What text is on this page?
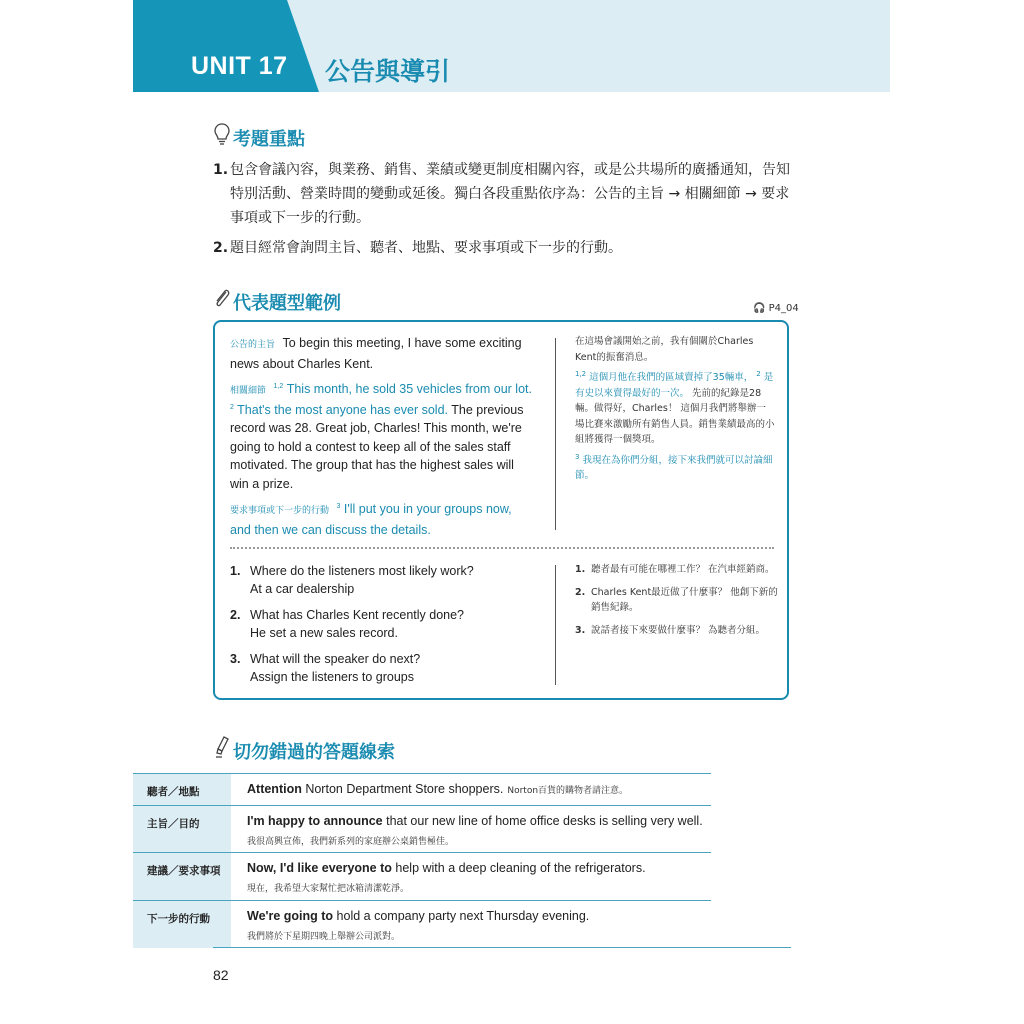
UNIT 17 公告與導引
考題重點
1. 包含會議內容，與業務、銷售、業績或變更制度相關內容，或是公共場所的廣播通知，告知特別活動、營業時間的變動或延後。獨白各段重點依序為：公告的主旨 → 相關細節 → 要求事項或下一步的行動。
2. 題目經常會詢問主旨、聽者、地點、要求事項或下一步的行動。
代表題型範例	🎧 P4_04

公告的主旨 To begin this meeting, I have some exciting news about Charles Kent.

相關細節 $^{1,2}$ This month, he sold 35 vehicles from our lot. $^2$ That's the most anyone has ever sold. The previous record was 28. Great job, Charles! This month, we're going to hold a contest to keep all of the sales staff motivated. The group that has the highest sales will win a prize.

要求事項或下一步的行動 $^3$ I'll put you in your groups now, and then we can discuss the details.

在這場會議開始之前，我有個關於Charles Kent的振奮消息。

$^{1,2}$ 這個月他在我們的區域賣掉了35輛車， $^2$ 是有史以來賣得最好的一次。 先前的紀錄是28輛。做得好，Charles！ 這個月我們將舉辦一場比賽來激勵所有銷售人員。銷售業績最高的小組將獲得一個獎項。

$^3$ 我現在為你們分組，接下來我們就可以討論細節。

1. Where do the listeners most likely work?
At a car dealership
2. What has Charles Kent recently done?
He set a new sales record.
3. What will the speaker do next?
Assign the listeners to groups
1. 聽者最有可能在哪裡工作？ 在汽車經銷商。
2. Charles Kent最近做了什麼事？ 他創下新的銷售紀錄。
3. 說話者接下來要做什麼事？ 為聽者分組。
切勿錯過的答題線索
聽者／地點	Attention Norton Department Store shoppers. Norton百貨的購物者請注意。
主旨／目的	I'm happy to announce that our new line of home office desks is selling very well.
我很高興宣佈，我們新系列的家庭辦公桌銷售極佳。
建議／要求事項	Now, I'd like everyone to help with a deep cleaning of the refrigerators.
現在，我希望大家幫忙把冰箱清潔乾淨。
下一步的行動	We're going to hold a company party next Thursday evening.
我們將於下星期四晚上舉辦公司派對。
82
